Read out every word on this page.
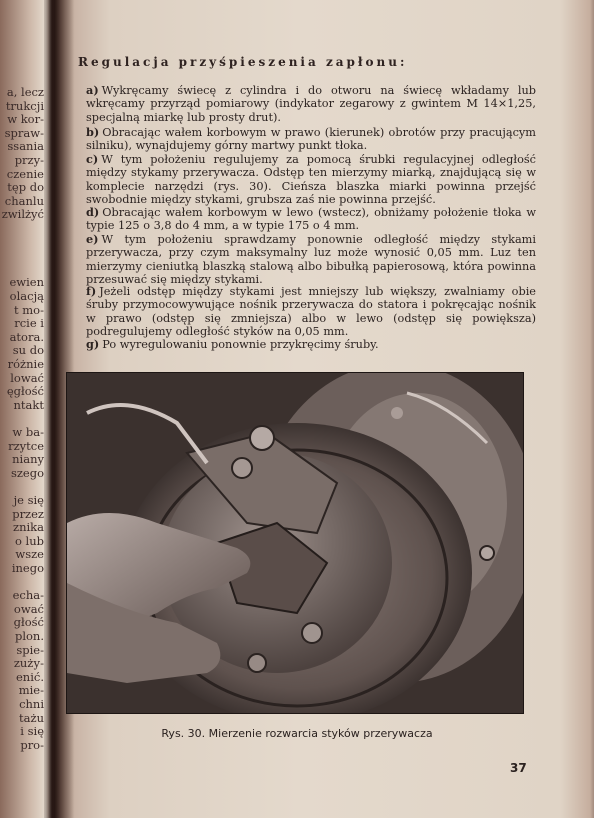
a, lecz
trukcji
w kor-
spraw-
ssania
przy-
czenie
tęp do
chanlu
zwilżyć
ewien
olacją
t mo-
rcie i
atora.
su do
różnie
lować
ęgłość
ntakt
w ba-
rzytce
niany
szego
je się
przez
znika
o lub
wsze
inego
echa-
ować
głość
plon.
spie-
zużу-
enić.
mie-
chni
tażu
i się
pro-
Regulacja przyśpieszenia zapłonu:
a) Wykręcamy świecę z cylindra i do otworu na świecę wkładamy lub wkręcamy przyrząd pomiarowy (indykator zegarowy z gwintem M 14×1,25, specjalną miarkę lub prosty drut).
b) Obracając wałem korbowym w prawo (kierunek) obrotów przy pracującym silniku), wynajdujemy górny martwy punkt tłoka.
c) W tym położeniu regulujemy za pomocą śrubki regulacyjnej odległość między stykamy przerywacza. Odstęp ten mierzymy miarką, znajdującą się w komplecie narzędzi (rys. 30). Cieńsza blaszka miarki powinna przejść swobodnie między stykami, grubsza zaś nie powinna przejść.
d) Obracając wałem korbowym w lewo (wstecz), obniżamy położenie tłoka w typie 125 o 3,8 do 4 mm, a w typie 175 o 4 mm.
e) W tym położeniu sprawdzamy ponownie odległość między stykami przerywacza, przy czym maksymalny luz może wynosić 0,05 mm. Luz ten mierzymy cieniutką blaszką stalową albo bibułką papierosową, która powinna przesuwać się między stykami.
f) Jeżeli odstęp między stykami jest mniejszy lub większy, zwalniamy obie śruby przymocowywujące nośnik przerywacza do statora i pokręcając nośnik w prawo (odstęp się zmniejsza) albo w lewo (odstęp się powiększa) podregulujemy odległość styków na 0,05 mm.
g) Po wyregulowaniu ponownie przykręcimy śruby.
Rys. 30. Mierzenie rozwarcia styków przerywacza
37
